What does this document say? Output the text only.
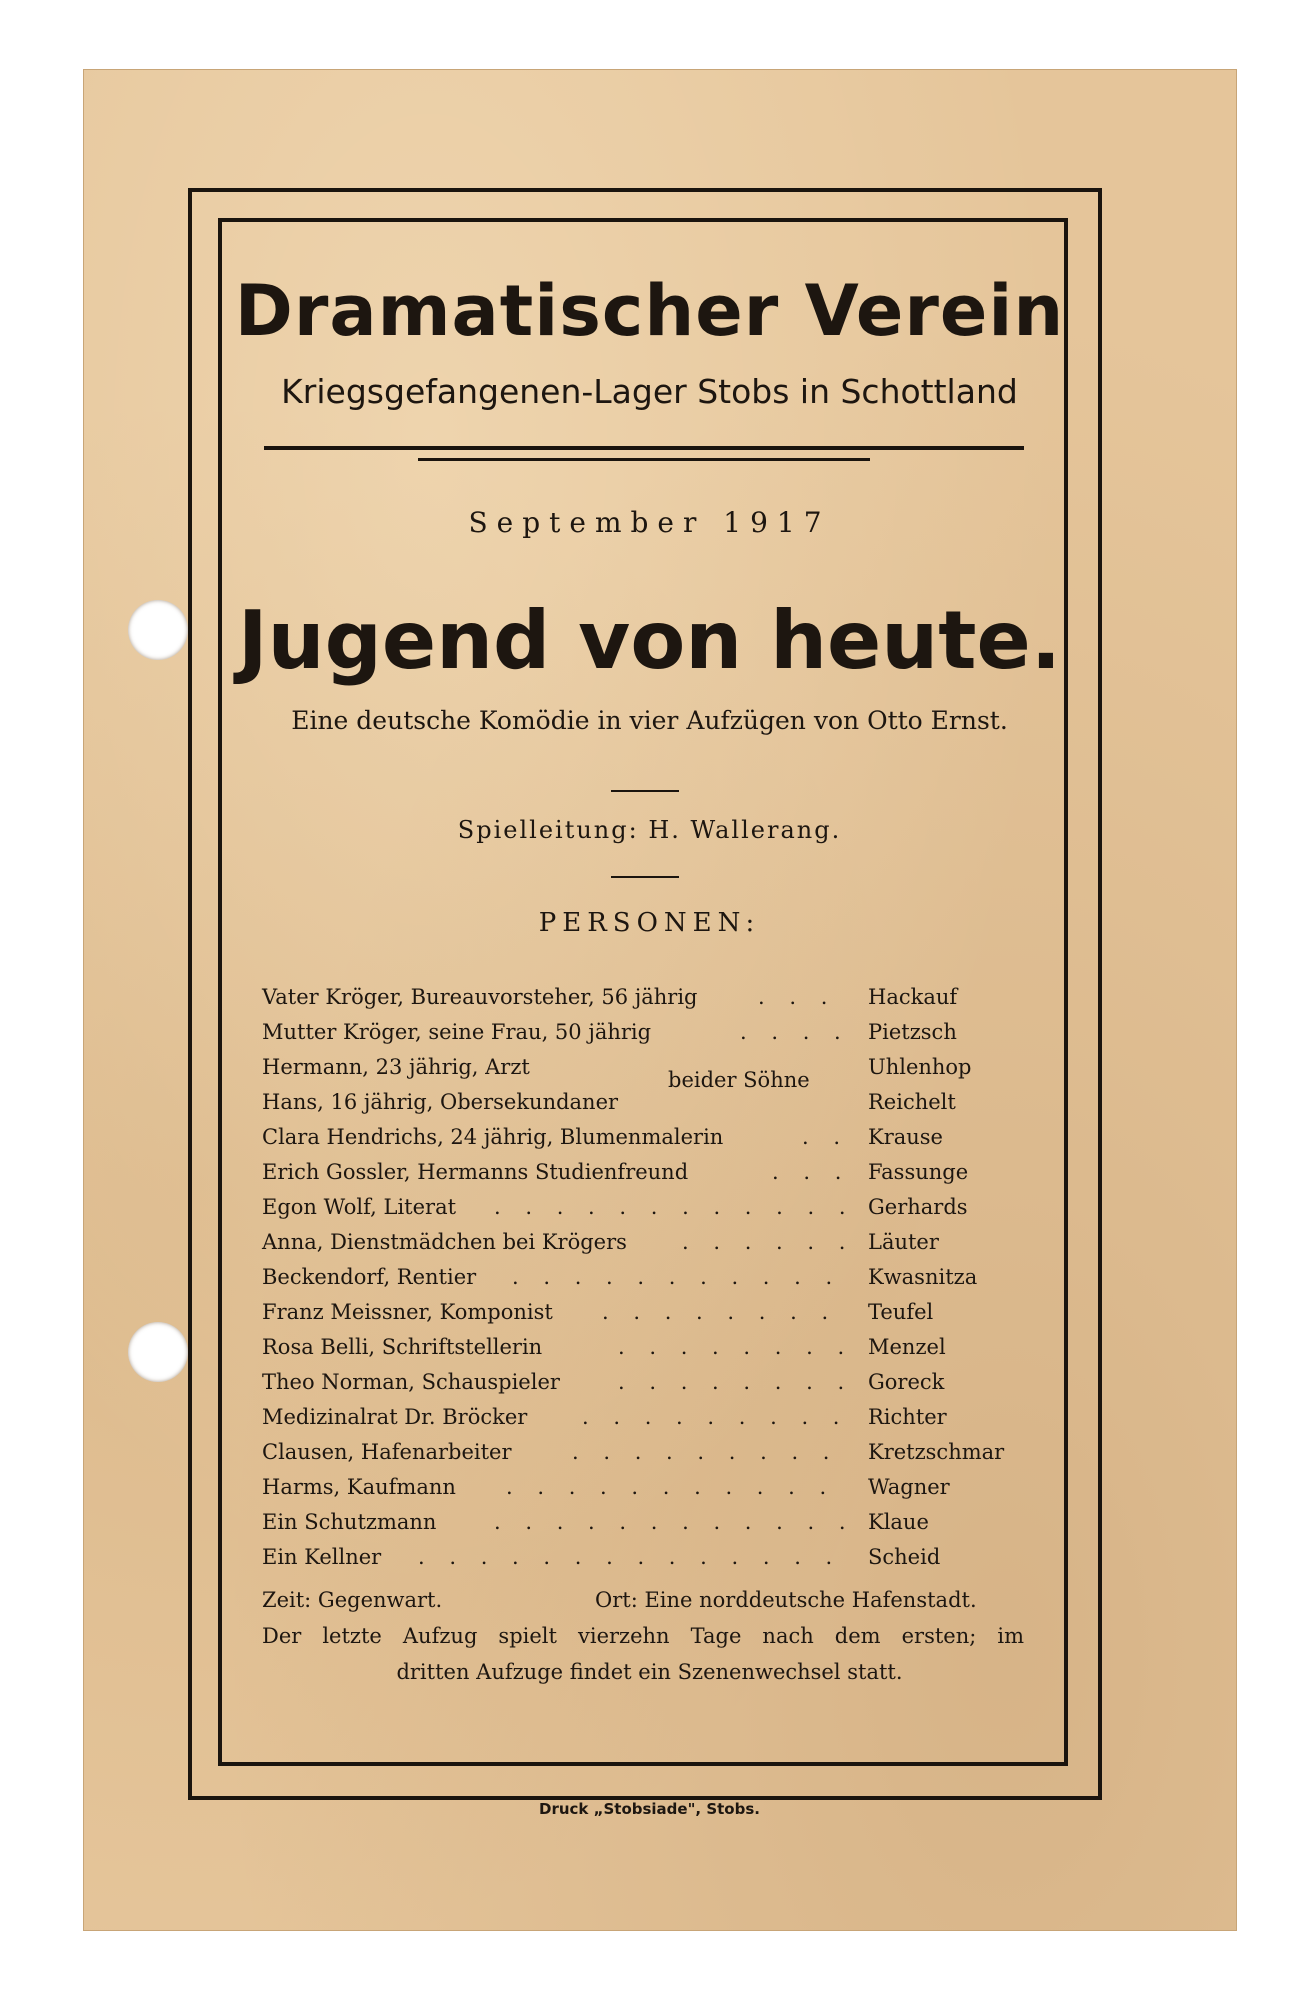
Dramatischer Verein
Kriegsgefangenen-Lager Stobs in Schottland
September 1917
Jugend von heute.
Eine deutsche Komödie in vier Aufzügen von Otto Ernst.
Spielleitung: H. Wallerang.
PERSONEN:
Vater Kröger, Bureauvorsteher, 56 jährig	. . . Hackauf
Mutter Kröger, seine Frau, 50 jährig	. . . . Pietzsch
Hermann, 23 jährig, Arzt	Uhlenhop
Hans, 16 jährig, Obersekundaner	Reichelt
Clara Hendrichs, 24 jährig, Blumenmalerin	. . Krause
Erich Gossler, Hermanns Studienfreund	. . . Fassunge
Egon Wolf, Literat . . . . . . . . . . . . Gerhards
Anna, Dienstmädchen bei Krögers	. . . . . . Läuter
Beckendorf, Rentier . . . . . . . . . . . Kwasnitza
Franz Meissner, Komponist . . . . . . . . Teufel
Rosa Belli, Schriftstellerin	. . . . . . . . Menzel
Theo Norman, Schauspieler	. . . . . . . . Goreck
Medizinalrat Dr. Bröcker	. . . . . . . . . Richter
Clausen, Hafenarbeiter	. . . . . . . . . Kretzschmar
Harms, Kaufmann . . . . . . . . . . . Wagner
Ein Schutzmann	. . . . . . . . . . . . Klaue
Ein Kellner . . . . . . . . . . . . . . Scheid
beider Söhne
Zeit: Gegenwart.	Ort: Eine norddeutsche Hafenstadt.
Der letzte Aufzug spielt vierzehn Tage nach dem ersten; im
dritten Aufzuge findet ein Szenenwechsel statt.
Druck „Stobsiade", Stobs.
